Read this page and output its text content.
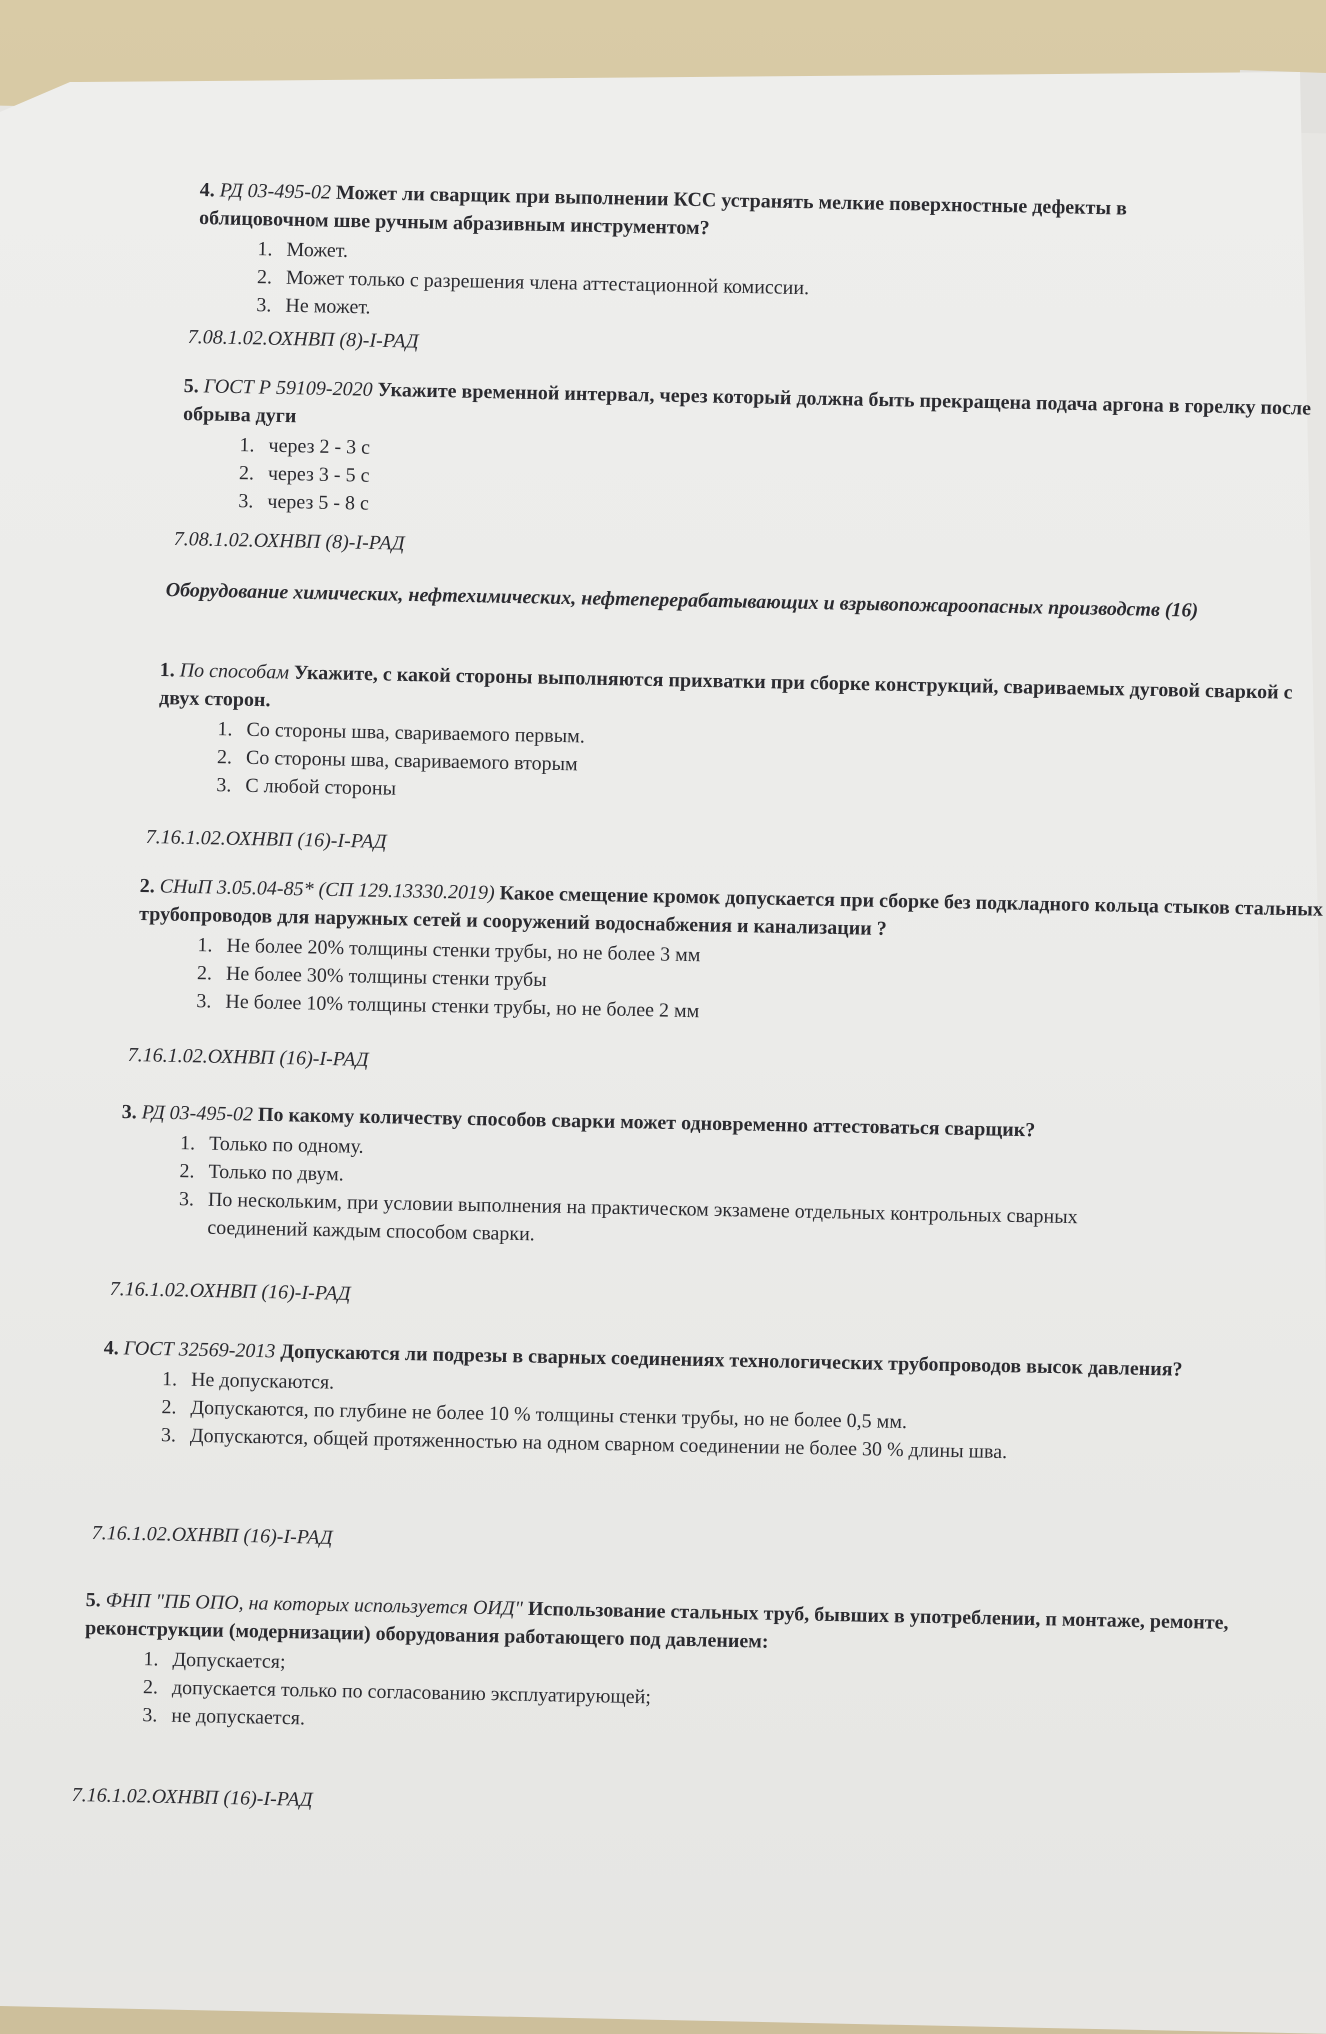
4. РД 03-495-02 Может ли сварщик при выполнении КСС устранять мелкие поверхностные дефекты в облицовочном шве ручным абразивным инструментом?

1. Может.
2. Может только с разрешения члена аттестационной комиссии.
3. Не может.
7.08.1.02.ОХНВП (8)-I-РАД

5. ГОСТ Р 59109-2020 Укажите временной интервал, через который должна быть прекращена подача аргона в горелку после обрыва дуги

1. через 2 - 3 с
2. через 3 - 5 с
3. через 5 - 8 с
7.08.1.02.ОХНВП (8)-I-РАД
Оборудование химических, нефтехимических, нефтеперерабатывающих и взрывопожароопасных производств (16)

1. По способам Укажите, с какой стороны выполняются прихватки при сборке конструкций, свариваемых дуговой сваркой с двух сторон.

1. Со стороны шва, свариваемого первым.
2. Со стороны шва, свариваемого вторым
3. С любой стороны
7.16.1.02.ОХНВП (16)-I-РАД

2. СНиП 3.05.04-85* (СП 129.13330.2019) Какое смещение кромок допускается при сборке без подкладного кольца стыков стальных трубопроводов для наружных сетей и сооружений водоснабжения и канализации ?

1. Не более 20% толщины стенки трубы, но не более 3 мм
2. Не более 30% толщины стенки трубы
3. Не более 10% толщины стенки трубы, но не более 2 мм
7.16.1.02.ОХНВП (16)-I-РАД

3. РД 03-495-02 По какому количеству способов сварки может одновременно аттестоваться сварщик?

1. Только по одному.
2. Только по двум.
3. По нескольким, при условии выполнения на практическом экзамене отдельных контрольных сварных соединений каждым способом сварки.
7.16.1.02.ОХНВП (16)-I-РАД

4. ГОСТ 32569-2013 Допускаются ли подрезы в сварных соединениях технологических трубопроводов высок давления?

1. Не допускаются.
2. Допускаются, по глубине не более 10 % толщины стенки трубы, но не более 0,5 мм.
3. Допускаются, общей протяженностью на одном сварном соединении не более 30 % длины шва.
7.16.1.02.ОХНВП (16)-I-РАД

5. ФНП "ПБ ОПО, на которых используется ОИД" Использование стальных труб, бывших в употреблении, п монтаже, ремонте, реконструкции (модернизации) оборудования работающего под давлением:

1. Допускается;
2. допускается только по согласованию эксплуатирующей;
3. не допускается.
7.16.1.02.ОХНВП (16)-I-РАД
